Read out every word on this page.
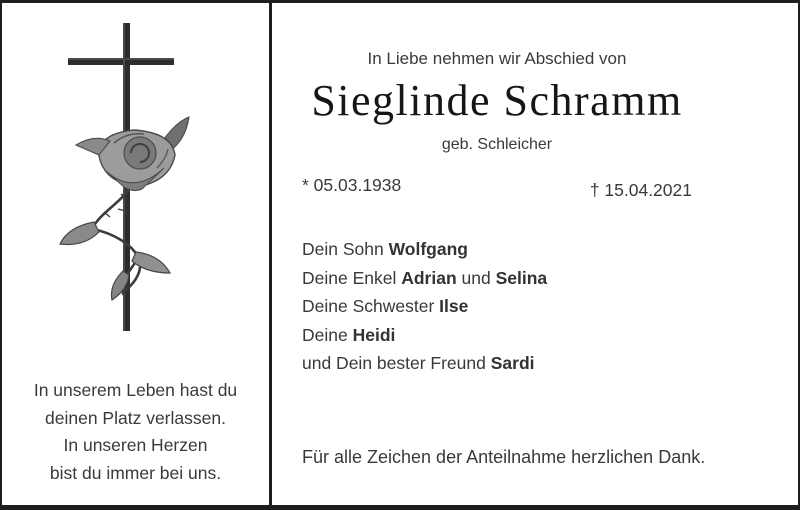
In unserem Leben hast du
deinen Platz verlassen.
In unseren Herzen
bist du immer bei uns.
In Liebe nehmen wir Abschied von
Sieglinde Schramm
geb. Schleicher
* 05.03.1938	† 15.04.2021
Dein Sohn Wolfgang
Deine Enkel Adrian und Selina
Deine Schwester Ilse
Deine Heidi
und Dein bester Freund Sardi
Für alle Zeichen der Anteilnahme herzlichen Dank.
